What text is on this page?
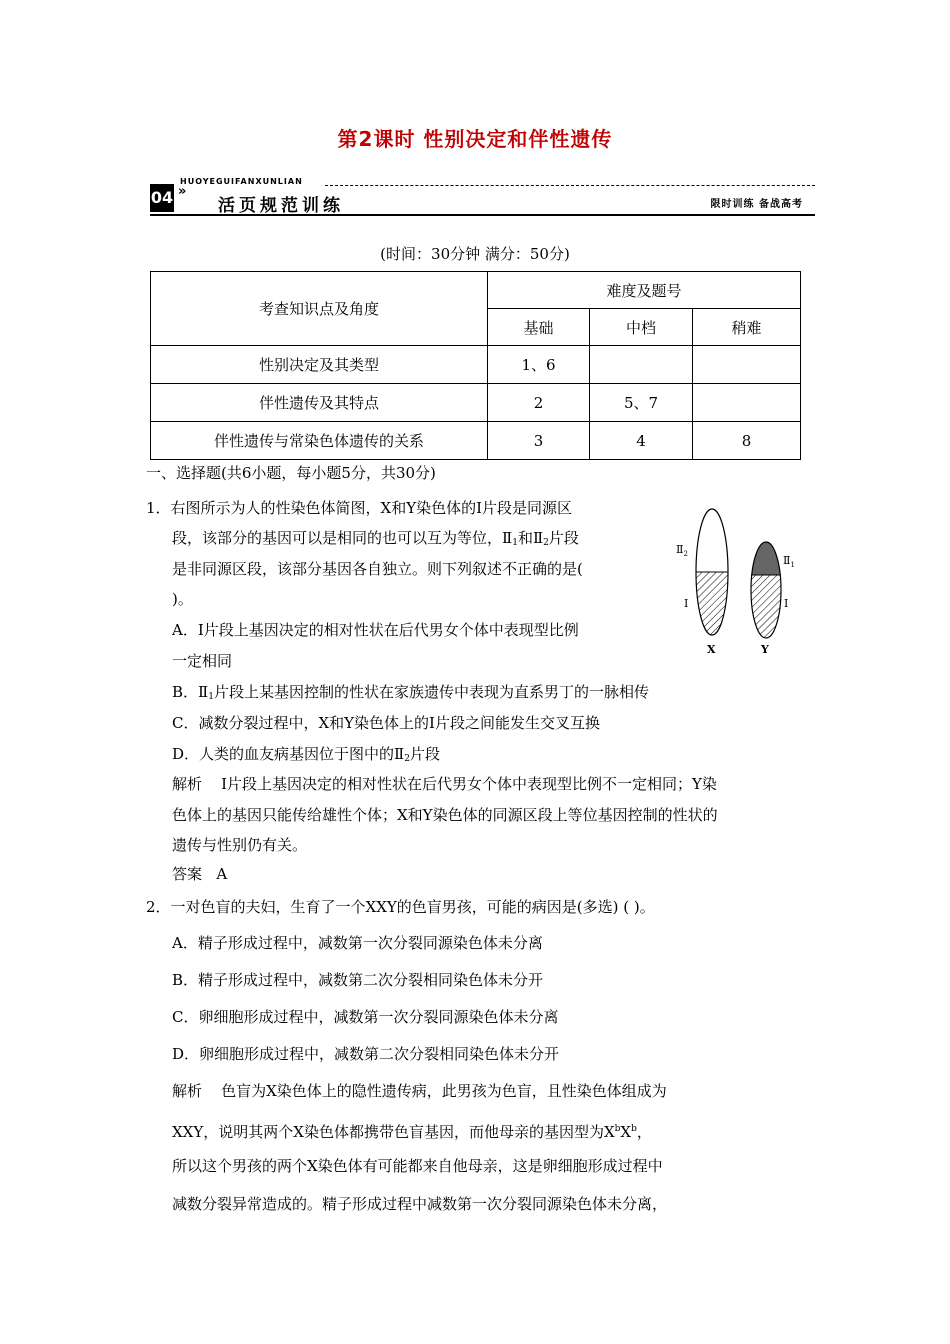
第2课时 性别决定和伴性遗传
04 »
HUOYEGUIFANXUNLIAN
活页规范训练	限时训练 备战高考
(时间：30分钟 满分：50分)
考查知识点及角度	难度及题号		
	基础	中档	稍难
性别决定及其类型	1、6		
伴性遗传及其特点	2	5、7	
伴性遗传与常染色体遗传的关系	3	4	8
一、选择题(共6小题，每小题5分，共30分)
1．右图所示为人的性染色体简图，X和Y染色体的Ⅰ片段是同源区
段，该部分的基因可以是相同的也可以互为等位，$Ⅱ_1$和$Ⅱ_2$片段
是非同源区段，该部分基因各自独立。则下列叙述不正确的是(
)。
A．Ⅰ片段上基因决定的相对性状在后代男女个体中表现型比例
一定相同
B．$Ⅱ_1$片段上某基因控制的性状在家族遗传中表现为直系男丁的一脉相传
C．减数分裂过程中，X和Y染色体上的Ⅰ片段之间能发生交叉互换
D．人类的血友病基因位于图中的$Ⅱ_2$片段
解析 Ⅰ片段上基因决定的相对性状在后代男女个体中表现型比例不一定相同；Y染
色体上的基因只能传给雄性个体；X和Y染色体的同源区段上等位基因控制的性状的
遗传与性别仍有关。
答案 A
$Ⅱ_2$	$Ⅱ_1$
Ⅰ	Ⅰ
X	Y
2．一对色盲的夫妇，生育了一个XXY的色盲男孩，可能的病因是(多选) ( )。
A．精子形成过程中，减数第一次分裂同源染色体未分离
B．精子形成过程中，减数第二次分裂相同染色体未分开
C．卵细胞形成过程中，减数第一次分裂同源染色体未分离
D．卵细胞形成过程中，减数第二次分裂相同染色体未分开
解析 色盲为X染色体上的隐性遗传病，此男孩为色盲，且性染色体组成为
XXY，说明其两个X染色体都携带色盲基因，而他母亲的基因型为$X^bX^b$，
所以这个男孩的两个X染色体有可能都来自他母亲，这是卵细胞形成过程中
减数分裂异常造成的。精子形成过程中减数第一次分裂同源染色体未分离，
